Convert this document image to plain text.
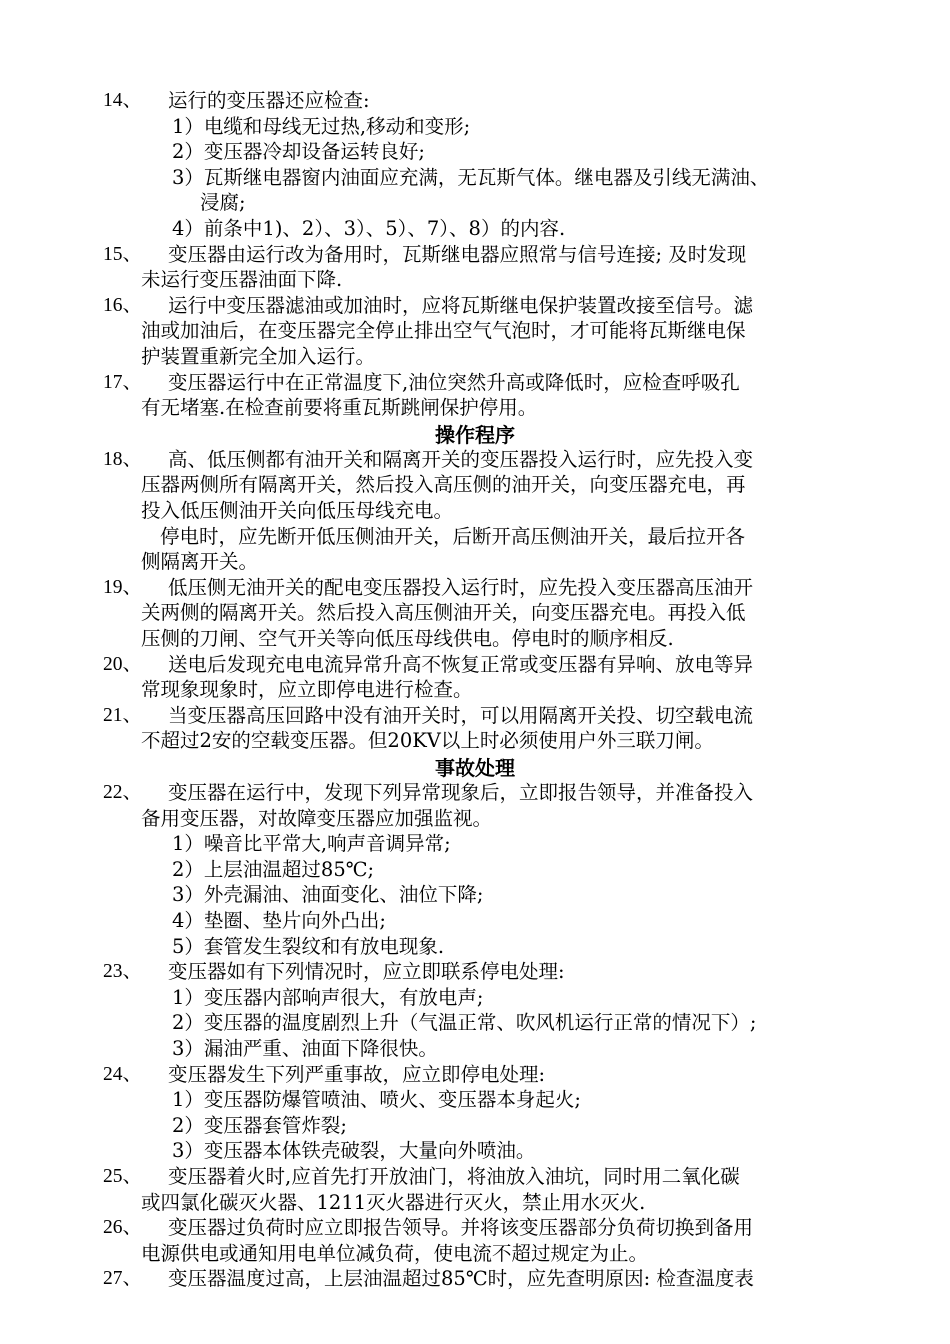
14、 运行的变压器还应检查:
1）电缆和母线无过热,移动和变形;
2）变压器冷却设备运转良好;
3）瓦斯继电器窗内油面应充满，无瓦斯气体。继电器及引线无满油、
浸腐;
4）前条中1)、2）、3）、5）、7）、8）的内容.
15、 变压器由运行改为备用时，瓦斯继电器应照常与信号连接; 及时发现
未运行变压器油面下降.
16、 运行中变压器滤油或加油时，应将瓦斯继电保护装置改接至信号。滤
油或加油后，在变压器完全停止排出空气气泡时，才可能将瓦斯继电保
护装置重新完全加入运行。
17、 变压器运行中在正常温度下,油位突然升高或降低时，应检查呼吸孔
有无堵塞.在检查前要将重瓦斯跳闸保护停用。
操作程序
18、 高、低压侧都有油开关和隔离开关的变压器投入运行时，应先投入变
压器两侧所有隔离开关，然后投入高压侧的油开关，向变压器充电，再
投入低压侧油开关向低压母线充电。
停电时，应先断开低压侧油开关，后断开高压侧油开关，最后拉开各
侧隔离开关。
19、 低压侧无油开关的配电变压器投入运行时，应先投入变压器高压油开
关两侧的隔离开关。然后投入高压侧油开关，向变压器充电。再投入低
压侧的刀闸、空气开关等向低压母线供电。停电时的顺序相反.
20、 送电后发现充电电流异常升高不恢复正常或变压器有异响、放电等异
常现象现象时，应立即停电进行检查。
21、 当变压器高压回路中没有油开关时，可以用隔离开关投、切空载电流
不超过2安的空载变压器。但20KV以上时必须使用户外三联刀闸。
事故处理
22、 变压器在运行中，发现下列异常现象后，立即报告领导，并准备投入
备用变压器，对故障变压器应加强监视。
1）噪音比平常大,响声音调异常;
2）上层油温超过85℃;
3）外壳漏油、油面变化、油位下降;
4）垫圈、垫片向外凸出;
5）套管发生裂纹和有放电现象.
23、 变压器如有下列情况时，应立即联系停电处理:
1）变压器内部响声很大，有放电声;
2）变压器的温度剧烈上升（气温正常、吹风机运行正常的情况下）;
3）漏油严重、油面下降很快。
24、 变压器发生下列严重事故，应立即停电处理:
1）变压器防爆管喷油、喷火、变压器本身起火;
2）变压器套管炸裂;
3）变压器本体铁壳破裂，大量向外喷油。
25、 变压器着火时,应首先打开放油门，将油放入油坑，同时用二氧化碳
或四氯化碳灭火器、1211灭火器进行灭火，禁止用水灭火.
26、 变压器过负荷时应立即报告领导。并将该变压器部分负荷切换到备用
电源供电或通知用电单位减负荷，使电流不超过规定为止。
27、 变压器温度过高，上层油温超过85℃时，应先查明原因: 检查温度表
